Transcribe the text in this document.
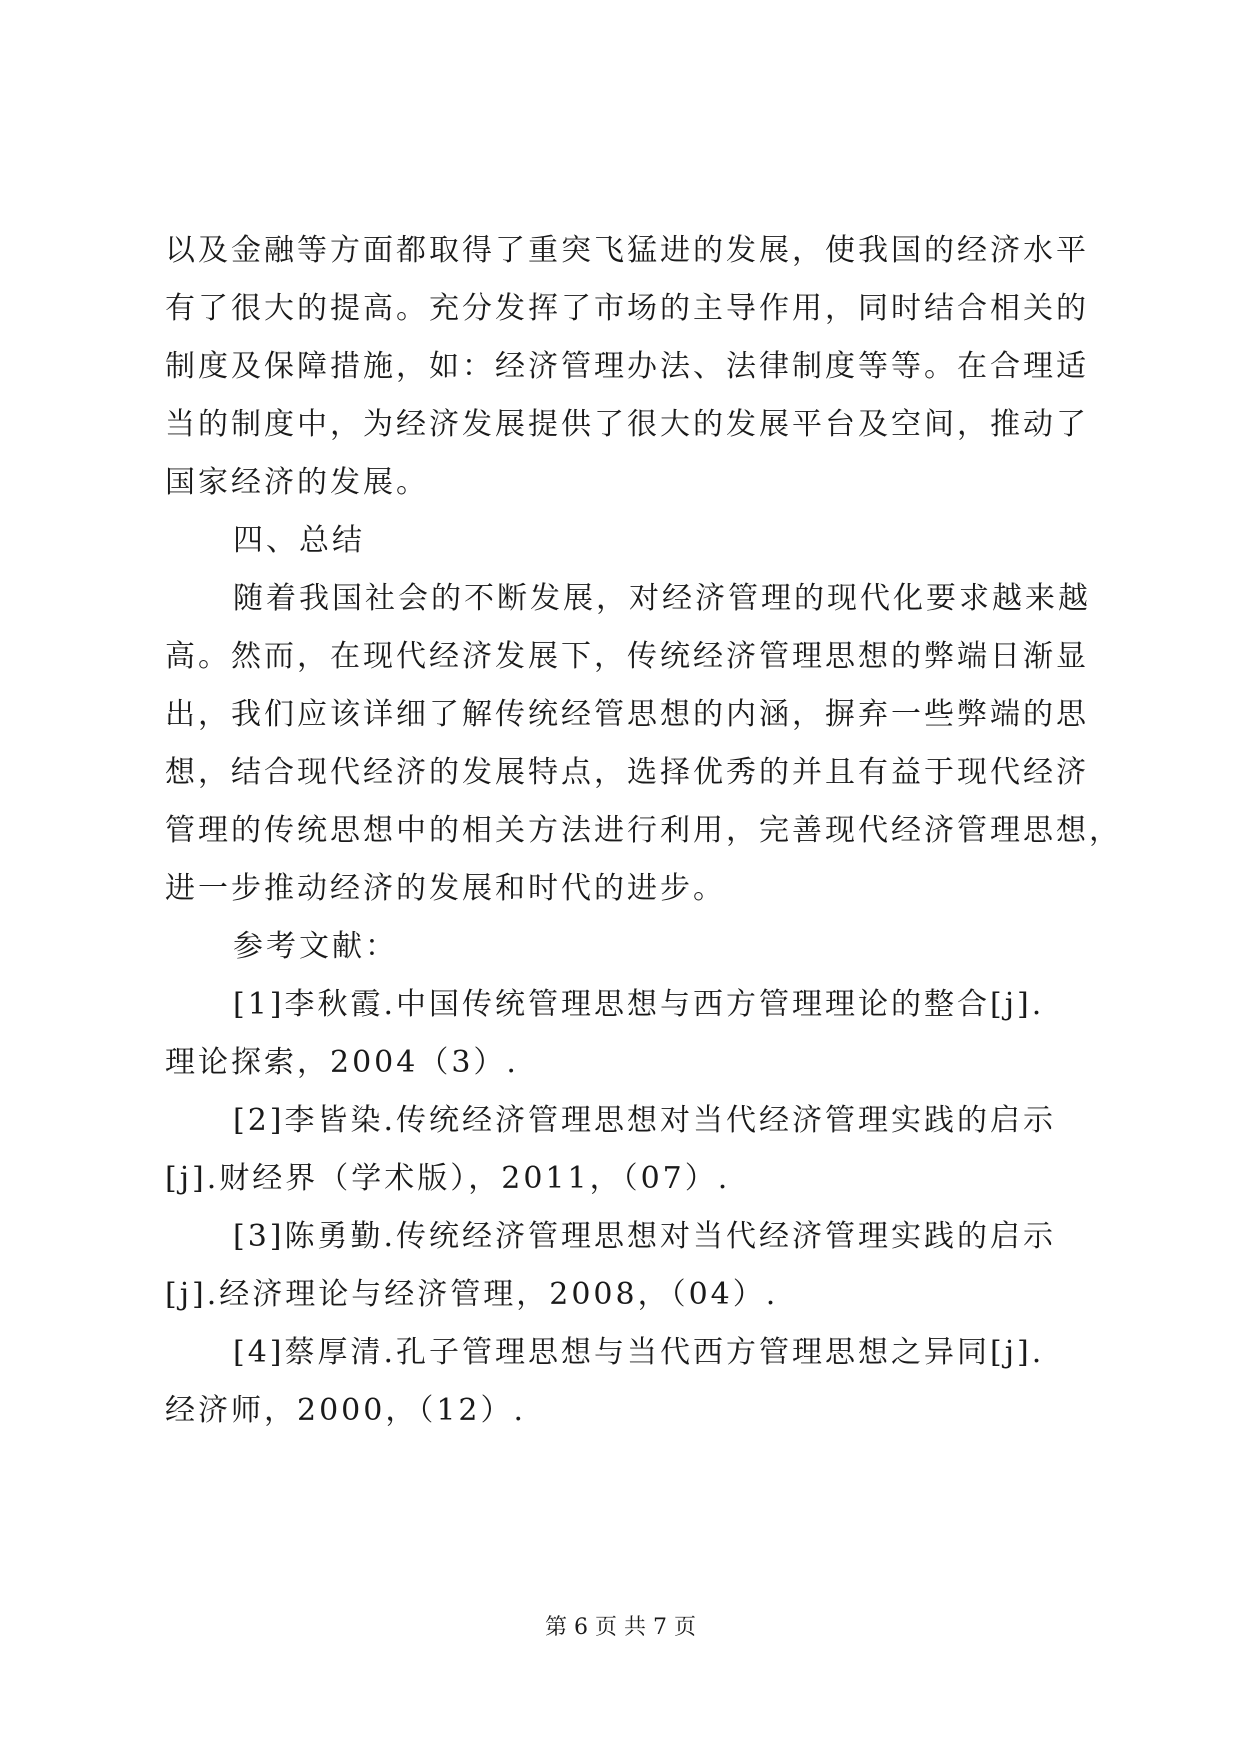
以及金融等方面都取得了重突飞猛进的发展，使我国的经济水平
有了很大的提高。充分发挥了市场的主导作用，同时结合相关的
制度及保障措施，如：经济管理办法、法律制度等等。在合理适
当的制度中，为经济发展提供了很大的发展平台及空间，推动了
国家经济的发展。
四、总结
随着我国社会的不断发展，对经济管理的现代化要求越来越
高。然而，在现代经济发展下，传统经济管理思想的弊端日渐显
出，我们应该详细了解传统经管思想的内涵，摒弃一些弊端的思
想，结合现代经济的发展特点，选择优秀的并且有益于现代经济
管理的传统思想中的相关方法进行利用，完善现代经济管理思想，
进一步推动经济的发展和时代的进步。
参考文献：
[1]李秋霞.中国传统管理思想与西方管理理论的整合[j].
理论探索，2004（3）.
[2]李皆染.传统经济管理思想对当代经济管理实践的启示
[j].财经界（学术版），2011，（07）.
[3]陈勇勤.传统经济管理思想对当代经济管理实践的启示
[j].经济理论与经济管理，2008，（04）.
[4]蔡厚清.孔子管理思想与当代西方管理思想之异同[j].
经济师，2000，（12）.
第 6 页 共 7 页
